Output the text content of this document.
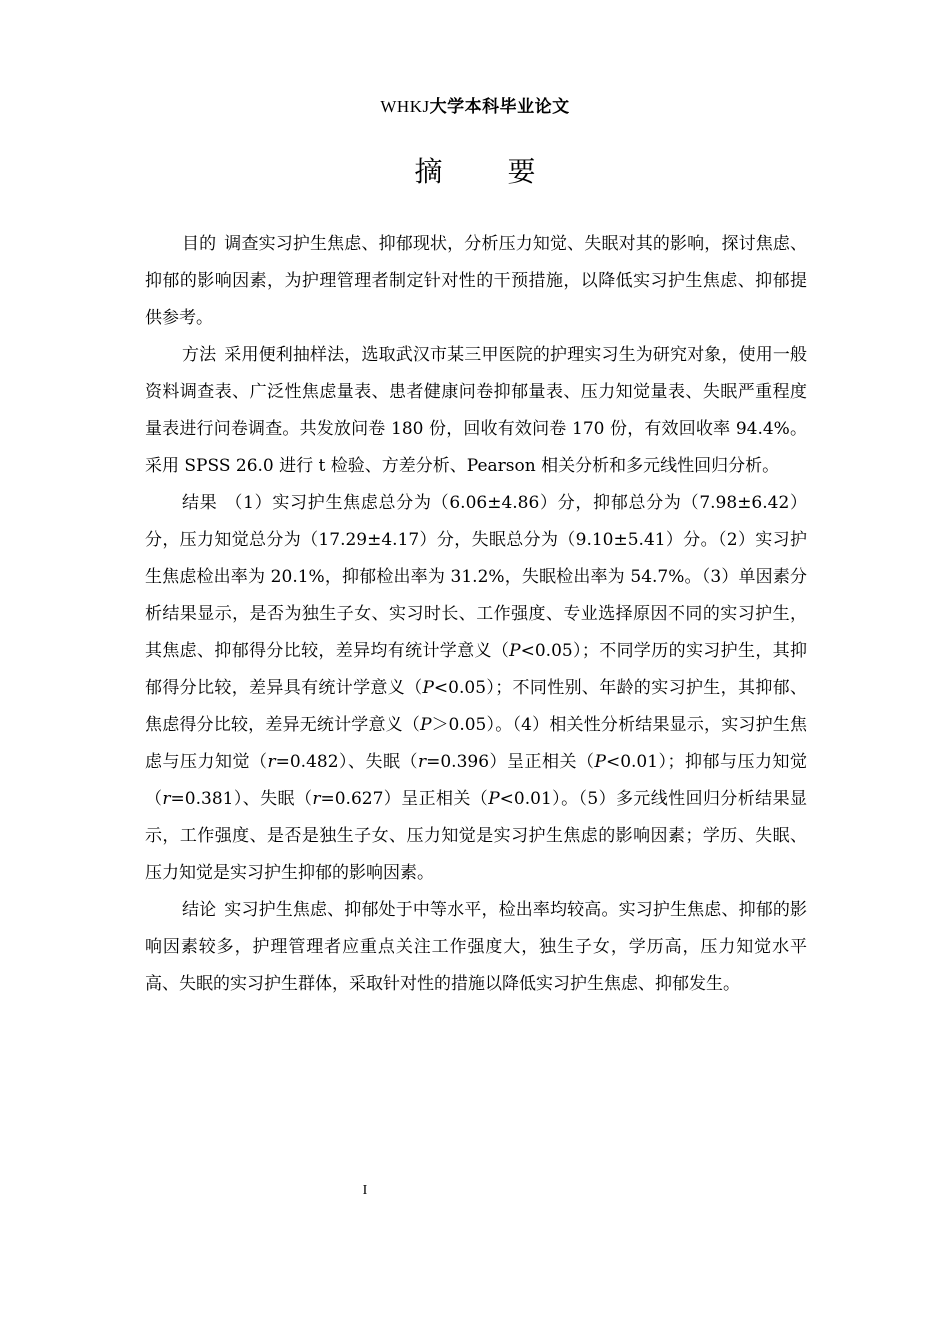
WHKJ大学本科毕业论文
摘 要

目的 调查实习护生焦虑、抑郁现状，分析压力知觉、失眠对其的影响，探讨焦虑、抑郁的影响因素，为护理管理者制定针对性的干预措施，以降低实习护生焦虑、抑郁提供参考。

方法 采用便利抽样法，选取武汉市某三甲医院的护理实习生为研究对象，使用一般资料调查表、广泛性焦虑量表、患者健康问卷抑郁量表、压力知觉量表、失眠严重程度量表进行问卷调查。共发放问卷 180 份，回收有效问卷 170 份，有效回收率 94.4%。采用 SPSS 26.0 进行 t 检验、方差分析、Pearson 相关分析和多元线性回归分析。

结果 （1）实习护生焦虑总分为（6.06±4.86）分，抑郁总分为（7.98±6.42）分，压力知觉总分为（17.29±4.17）分，失眠总分为（9.10±5.41）分。（2）实习护生焦虑检出率为 20.1%，抑郁检出率为 31.2%，失眠检出率为 54.7%。（3）单因素分析结果显示，是否为独生子女、实习时长、工作强度、专业选择原因不同的实习护生，其焦虑、抑郁得分比较，差异均有统计学意义（P<0.05）；不同学历的实习护生，其抑郁得分比较，差异具有统计学意义（P<0.05）；不同性别、年龄的实习护生，其抑郁、焦虑得分比较，差异无统计学意义（P＞0.05）。（4）相关性分析结果显示，实习护生焦虑与压力知觉（r=0.482）、失眠（r=0.396）呈正相关（P<0.01）；抑郁与压力知觉（r=0.381）、失眠（r=0.627）呈正相关（P<0.01）。（5）多元线性回归分析结果显示，工作强度、是否是独生子女、压力知觉是实习护生焦虑的影响因素；学历、失眠、压力知觉是实习护生抑郁的影响因素。

结论 实习护生焦虑、抑郁处于中等水平，检出率均较高。实习护生焦虑、抑郁的影响因素较多，护理管理者应重点关注工作强度大，独生子女，学历高，压力知觉水平高、失眠的实习护生群体，采取针对性的措施以降低实习护生焦虑、抑郁发生。

I
